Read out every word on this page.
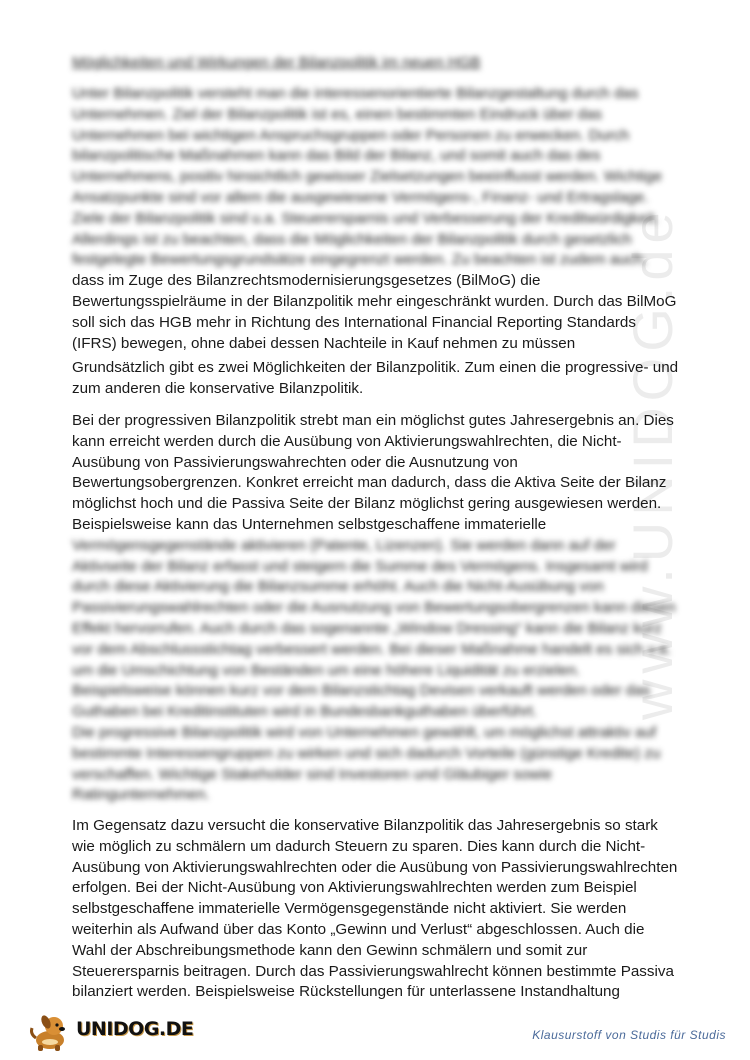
www.UNIDOG.de
Möglichkeiten und Wirkungen der Bilanzpolitik im neuen HGB
Unter Bilanzpolitik versteht man die interessenorientierte Bilanzgestaltung durch das
Unternehmen. Ziel der Bilanzpolitik ist es, einen bestimmten Eindruck über das
Unternehmen bei wichtigen Anspruchsgruppen oder Personen zu erwecken. Durch
bilanzpolitische Maßnahmen kann das Bild der Bilanz, und somit auch das des
Unternehmens, positiv hinsichtlich gewisser Zielsetzungen beeinflusst werden. Wichtige
Ansatzpunkte sind vor allem die ausgewiesene Vermögens-, Finanz- und Ertragslage.
Ziele der Bilanzpolitik sind u.a. Steuerersparnis und Verbesserung der Kreditwürdigkeit.
Allerdings ist zu beachten, dass die Möglichkeiten der Bilanzpolitik durch gesetzlich
festgelegte Bewertungsgrundsätze eingegrenzt werden. Zu beachten ist zudem auch,
dass im Zuge des Bilanzrechtsmodernisierungsgesetzes (BilMoG) die
Bewertungsspielräume in der Bilanzpolitik mehr eingeschränkt wurden. Durch das BilMoG
soll sich das HGB mehr in Richtung des International Financial Reporting Standards
(IFRS) bewegen, ohne dabei dessen Nachteile in Kauf nehmen zu müssen
Grundsätzlich gibt es zwei Möglichkeiten der Bilanzpolitik. Zum einen die progressive- und
zum anderen die konservative Bilanzpolitik.
Bei der progressiven Bilanzpolitik strebt man ein möglichst gutes Jahresergebnis an. Dies
kann erreicht werden durch die Ausübung von Aktivierungswahlrechten, die Nicht-
Ausübung von Passivierungswahrechten oder die Ausnutzung von
Bewertungsobergrenzen. Konkret erreicht man dadurch, dass die Aktiva Seite der Bilanz
möglichst hoch und die Passiva Seite der Bilanz möglichst gering ausgewiesen werden.
Beispielsweise kann das Unternehmen selbstgeschaffene immaterielle
Vermögensgegenstände aktivieren (Patente, Lizenzen). Sie werden dann auf der
Aktivseite der Bilanz erfasst und steigern die Summe des Vermögens. Insgesamt wird
durch diese Aktivierung die Bilanzsumme erhöht. Auch die Nicht-Ausübung von
Passivierungswahlrechten oder die Ausnutzung von Bewertungsobergrenzen kann diesen
Effekt hervorrufen. Auch durch das sogenannte „Window Dressing“ kann die Bilanz kurz
vor dem Abschlussstichtag verbessert werden. Bei dieser Maßnahme handelt es sich v.a.
um die Umschichtung von Beständen um eine höhere Liquidität zu erzielen.
Beispielsweise können kurz vor dem Bilanzstichtag Devisen verkauft werden oder das
Guthaben bei Kreditinstituten wird in Bundesbankguthaben überführt.
Die progressive Bilanzpolitik wird von Unternehmen gewählt, um möglichst attraktiv auf
bestimmte Interessengruppen zu wirken und sich dadurch Vorteile (günstige Kredite) zu
verschaffen. Wichtige Stakeholder sind Investoren und Gläubiger sowie
Ratingunternehmen.
Im Gegensatz dazu versucht die konservative Bilanzpolitik das Jahresergebnis so stark
wie möglich zu schmälern um dadurch Steuern zu sparen. Dies kann durch die Nicht-
Ausübung von Aktivierungswahlrechten oder die Ausübung von Passivierungswahlrechten
erfolgen. Bei der Nicht-Ausübung von Aktivierungswahlrechten werden zum Beispiel
selbstgeschaffene immaterielle Vermögensgegenstände nicht aktiviert. Sie werden
weiterhin als Aufwand über das Konto „Gewinn und Verlust“ abgeschlossen. Auch die
Wahl der Abschreibungsmethode kann den Gewinn schmälern und somit zur
Steuerersparnis beitragen. Durch das Passivierungswahlrecht können bestimmte Passiva
bilanziert werden. Beispielsweise Rückstellungen für unterlassene Instandhaltung
UNIDOG.DE	Klausurstoff von Studis für Studis
